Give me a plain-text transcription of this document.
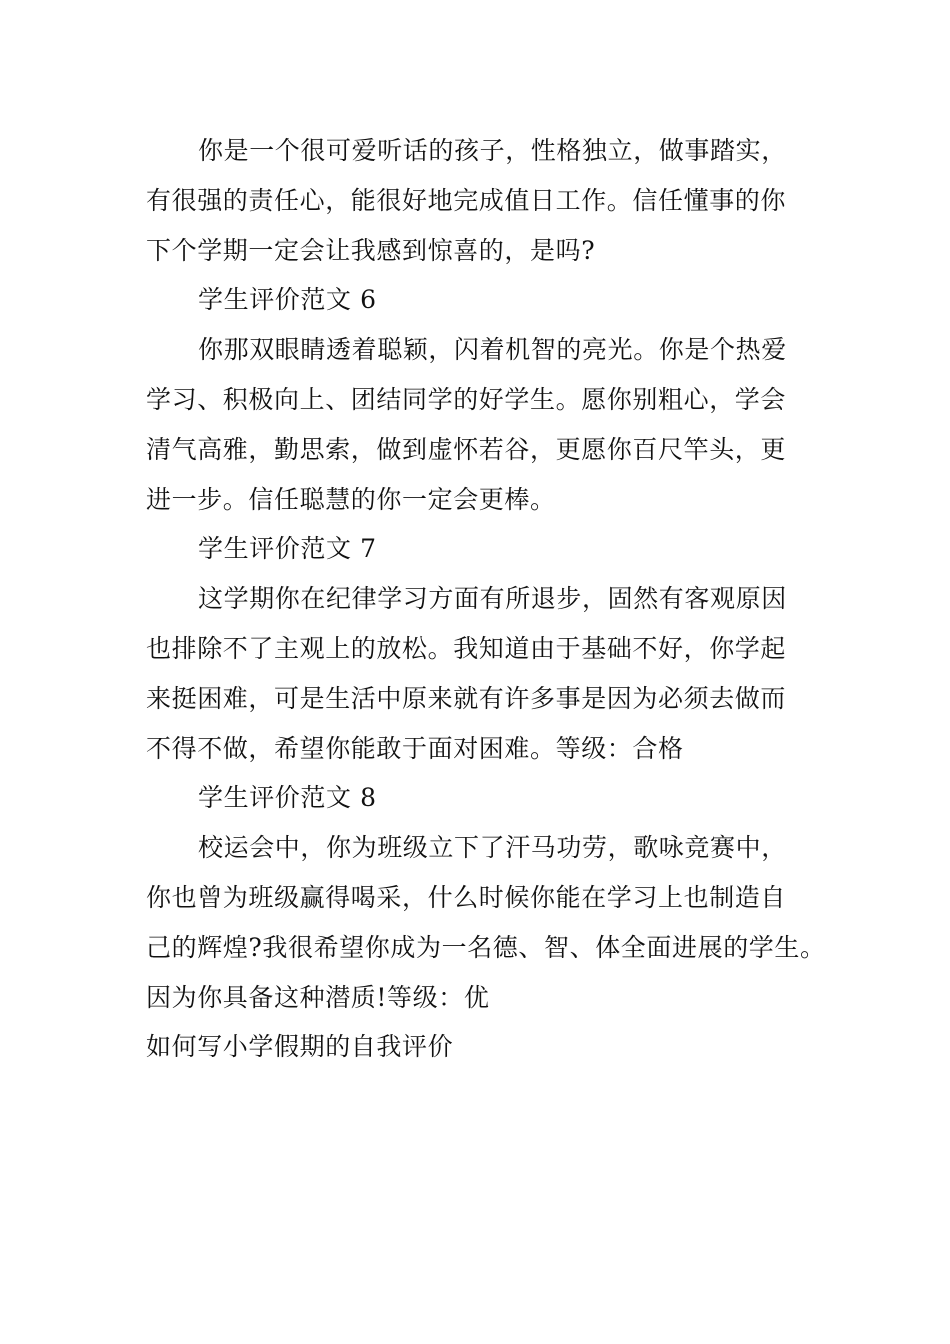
你是一个很可爱听话的孩子，性格独立，做事踏实，
有很强的责任心，能很好地完成值日工作。信任懂事的你
下个学期一定会让我感到惊喜的，是吗?

学生评价范文 6

你那双眼睛透着聪颖，闪着机智的亮光。你是个热爱
学习、积极向上、团结同学的好学生。愿你别粗心，学会
清气高雅，勤思索，做到虚怀若谷，更愿你百尺竿头，更
进一步。信任聪慧的你一定会更棒。

学生评价范文 7

这学期你在纪律学习方面有所退步，固然有客观原因
也排除不了主观上的放松。我知道由于基础不好，你学起
来挺困难，可是生活中原来就有许多事是因为必须去做而
不得不做，希望你能敢于面对困难。等级：合格

学生评价范文 8

校运会中，你为班级立下了汗马功劳，歌咏竞赛中，
你也曾为班级赢得喝采，什么时候你能在学习上也制造自
己的辉煌?我很希望你成为一名德、智、体全面进展的学生。
因为你具备这种潜质!等级：优

如何写小学假期的自我评价
